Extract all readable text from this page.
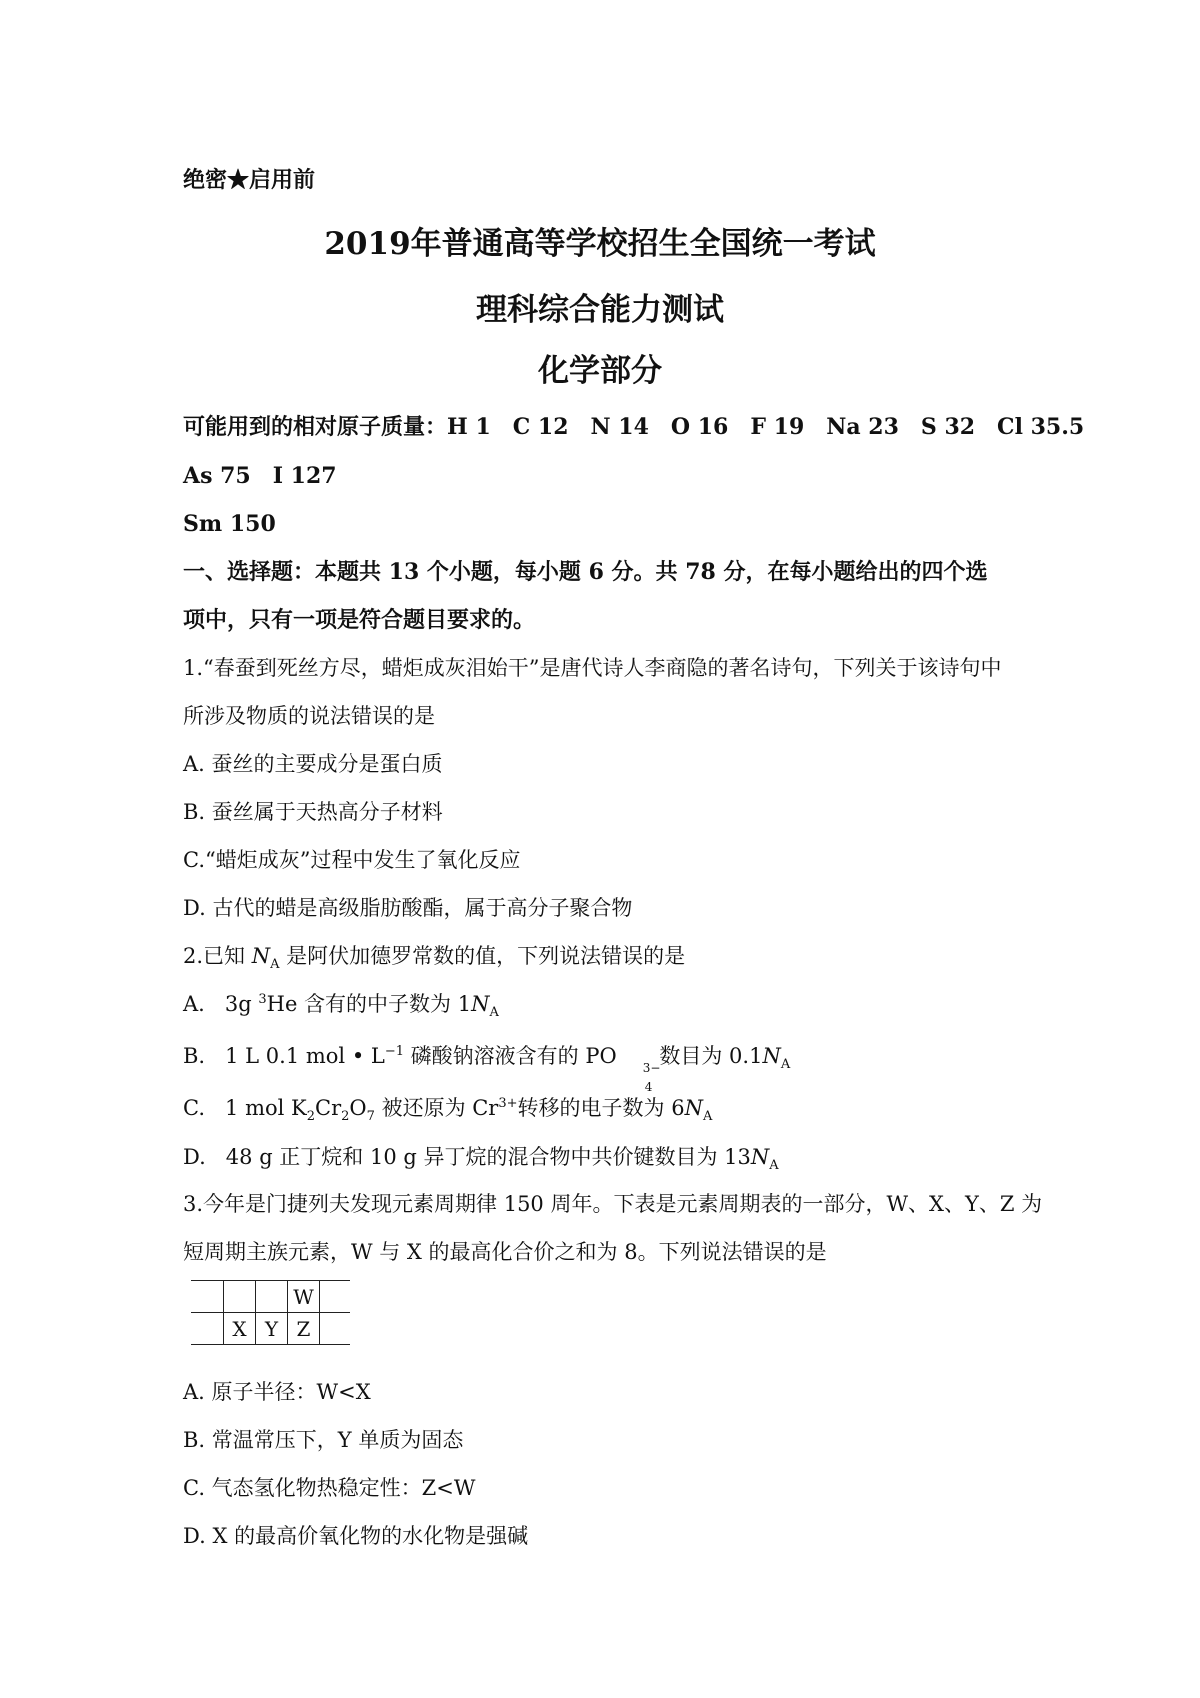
绝密★启用前
2019年普通高等学校招生全国统一考试
理科综合能力测试
化学部分
可能用到的相对原子质量：H 1　C 12　N 14　O 16　F 19　Na 23　S 32　Cl 35.5
As 75　I 127
Sm 150
一、选择题：本题共 13 个小题，每小题 6 分。共 78 分，在每小题给出的四个选
项中，只有一项是符合题目要求的。
1.“春蚕到死丝方尽，蜡炬成灰泪始干”是唐代诗人李商隐的著名诗句，下列关于该诗句中
所涉及物质的说法错误的是
A. 蚕丝的主要成分是蛋白质
B. 蚕丝属于天热高分子材料
C.“蜡炬成灰”过程中发生了氧化反应
D. 古代的蜡是高级脂肪酸酯，属于高分子聚合物
2.已知 $N_A$ 是阿伏加德罗常数的值，下列说法错误的是
A. 3g $^3$He 含有的中子数为 $1N_A$
B. 1 L 0.1 mol • $L^{-1}$ 磷酸钠溶液含有的 PO 3−
4
数目为 $0.1N_A$
C. 1 mol $K_2Cr_2O_7$ 被还原为 $Cr^{3+}$转移的电子数为 $6N_A$
D. 48 g 正丁烷和 10 g 异丁烷的混合物中共价键数目为 $13N_A$
3.今年是门捷列夫发现元素周期律 150 周年。下表是元素周期表的一部分，W、X、Y、Z 为
短周期主族元素，W 与 X 的最高化合价之和为 8。下列说法错误的是
			W	
	X	Y	Z	
A. 原子半径：W<X
B. 常温常压下，Y 单质为固态
C. 气态氢化物热稳定性：Z<W
D. X 的最高价氧化物的水化物是强碱
